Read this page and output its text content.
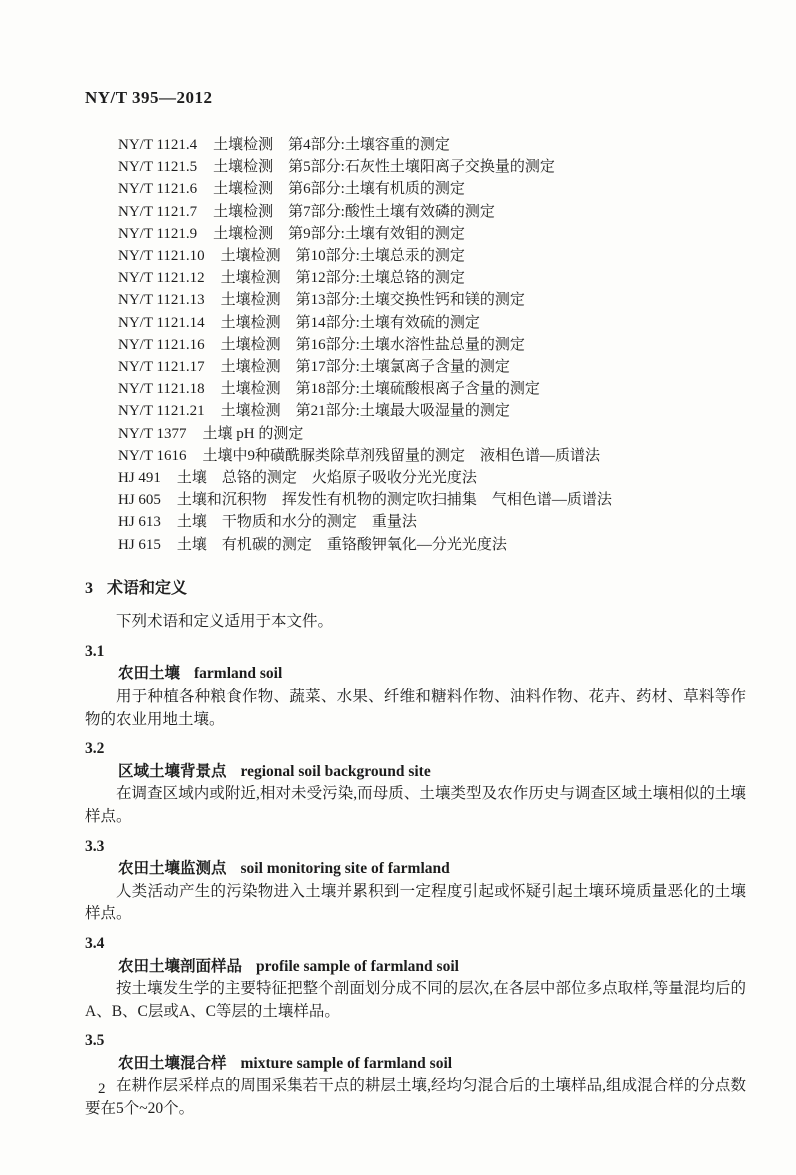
NY/T 395—2012
NY/T 1121.4 土壤检测　第4部分:土壤容重的测定
NY/T 1121.5 土壤检测　第5部分:石灰性土壤阳离子交换量的测定
NY/T 1121.6 土壤检测　第6部分:土壤有机质的测定
NY/T 1121.7 土壤检测　第7部分:酸性土壤有效磷的测定
NY/T 1121.9 土壤检测　第9部分:土壤有效钼的测定
NY/T 1121.10 土壤检测　第10部分:土壤总汞的测定
NY/T 1121.12 土壤检测　第12部分:土壤总铬的测定
NY/T 1121.13 土壤检测　第13部分:土壤交换性钙和镁的测定
NY/T 1121.14 土壤检测　第14部分:土壤有效硫的测定
NY/T 1121.16 土壤检测　第16部分:土壤水溶性盐总量的测定
NY/T 1121.17 土壤检测　第17部分:土壤氯离子含量的测定
NY/T 1121.18 土壤检测　第18部分:土壤硫酸根离子含量的测定
NY/T 1121.21 土壤检测　第21部分:土壤最大吸湿量的测定
NY/T 1377 土壤 pH 的测定
NY/T 1616 土壤中9种磺酰脲类除草剂残留量的测定　液相色谱—质谱法
HJ 491 土壤　总铬的测定　火焰原子吸收分光光度法
HJ 605 土壤和沉积物　挥发性有机物的测定吹扫捕集　气相色谱—质谱法
HJ 613 土壤　干物质和水分的测定　重量法
HJ 615 土壤　有机碳的测定　重铬酸钾氧化—分光光度法
3 术语和定义

下列术语和定义适用于本文件。

3.1
农田土壤 farmland soil

用于种植各种粮食作物、蔬菜、水果、纤维和糖料作物、油料作物、花卉、药材、草料等作物的农业用地土壤。

3.2
区域土壤背景点 regional soil background site

在调查区域内或附近,相对未受污染,而母质、土壤类型及农作历史与调查区域土壤相似的土壤样点。

3.3
农田土壤监测点 soil monitoring site of farmland

人类活动产生的污染物进入土壤并累积到一定程度引起或怀疑引起土壤环境质量恶化的土壤样点。

3.4
农田土壤剖面样品 profile sample of farmland soil

按土壤发生学的主要特征把整个剖面划分成不同的层次,在各层中部位多点取样,等量混均后的A、B、C层或A、C等层的土壤样品。

3.5
农田土壤混合样 mixture sample of farmland soil

在耕作层采样点的周围采集若干点的耕层土壤,经均匀混合后的土壤样品,组成混合样的分点数要在5个~20个。

2
